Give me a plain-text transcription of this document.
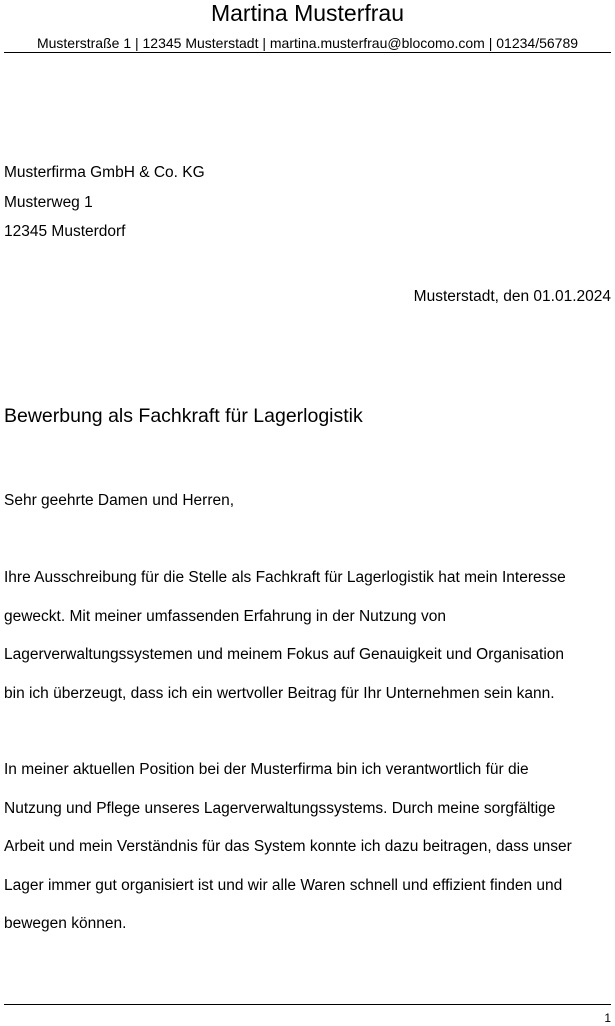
Martina Musterfrau
Musterstraße 1 | 12345 Musterstadt | martina.musterfrau@blocomo.com | 01234/56789
Musterfirma GmbH & Co. KG
Musterweg 1
12345 Musterdorf
Musterstadt, den 01.01.2024
Bewerbung als Fachkraft für Lagerlogistik
Sehr geehrte Damen und Herren,
Ihre Ausschreibung für die Stelle als Fachkraft für Lagerlogistik hat mein Interesse
geweckt. Mit meiner umfassenden Erfahrung in der Nutzung von
Lagerverwaltungssystemen und meinem Fokus auf Genauigkeit und Organisation
bin ich überzeugt, dass ich ein wertvoller Beitrag für Ihr Unternehmen sein kann.
In meiner aktuellen Position bei der Musterfirma bin ich verantwortlich für die
Nutzung und Pflege unseres Lagerverwaltungssystems. Durch meine sorgfältige
Arbeit und mein Verständnis für das System konnte ich dazu beitragen, dass unser
Lager immer gut organisiert ist und wir alle Waren schnell und effizient finden und
bewegen können.
1
